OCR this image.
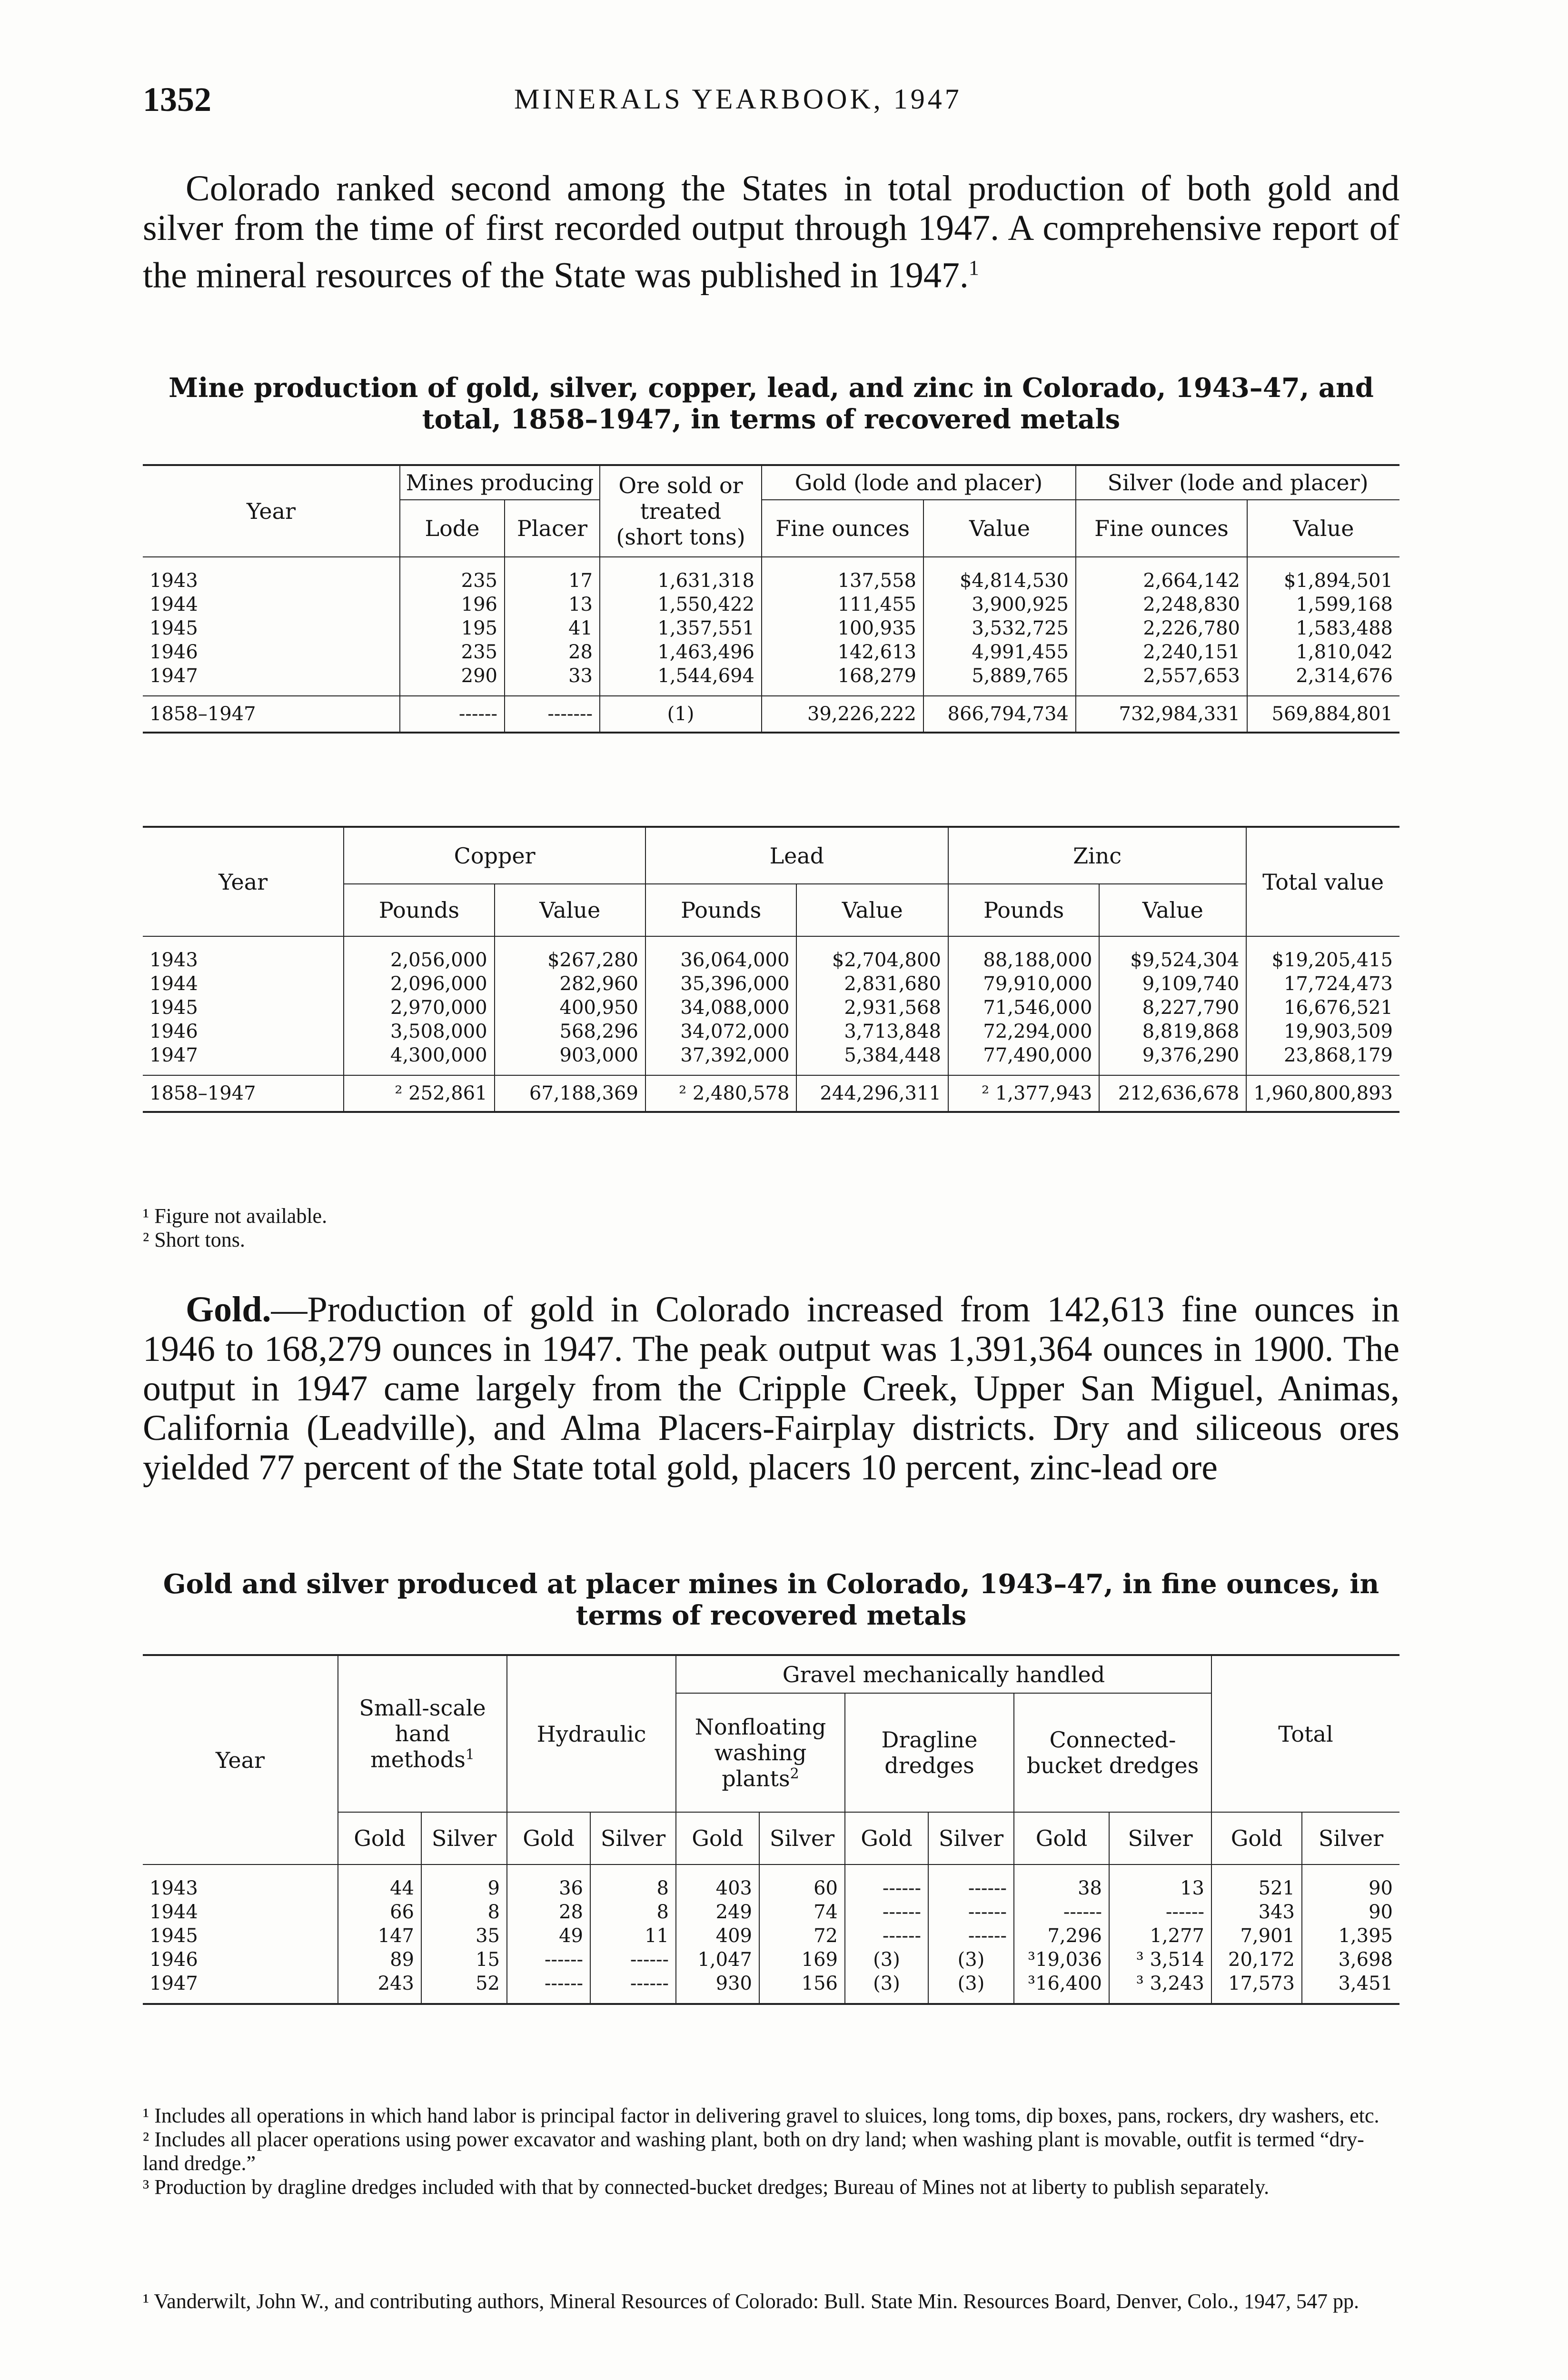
1352	MINERALS YEARBOOK, 1947
Colorado ranked second among the States in total production of both gold and silver from the time of first recorded output through 1947. A comprehensive report of the mineral resources of the State was published in 1947.$^1$
Mine production of gold, silver, copper, lead, and zinc in Colorado, 1943–47, and total, 1858–1947, in terms of recovered metals
Year	Mines producing		Ore sold or treated (short tons)	Gold (lode and placer)		Silver (lode and placer)	
	Lode	Placer		Fine ounces	Value	Fine ounces	Value
1943	235	17	1,631,318	137,558	$4,814,530	2,664,142	$1,894,501
1944	196	13	1,550,422	111,455	3,900,925	2,248,830	1,599,168
1945	195	41	1,357,551	100,935	3,532,725	2,226,780	1,583,488
1946	235	28	1,463,496	142,613	4,991,455	2,240,151	1,810,042
1947	290	33	1,544,694	168,279	5,889,765	2,557,653	2,314,676
1858–1947	------	-------	(1)	39,226,222	866,794,734	732,984,331	569,884,801
Year	Copper		Lead		Zinc		Total value
	Pounds	Value	Pounds	Value	Pounds	Value	
1943	2,056,000	$267,280	36,064,000	$2,704,800	88,188,000	$9,524,304	$19,205,415
1944	2,096,000	282,960	35,396,000	2,831,680	79,910,000	9,109,740	17,724,473
1945	2,970,000	400,950	34,088,000	2,931,568	71,546,000	8,227,790	16,676,521
1946	3,508,000	568,296	34,072,000	3,713,848	72,294,000	8,819,868	19,903,509
1947	4,300,000	903,000	37,392,000	5,384,448	77,490,000	9,376,290	23,868,179
1858–1947	² 252,861	67,188,369	² 2,480,578	244,296,311	² 1,377,943	212,636,678	1,960,800,893

¹ Figure not available.

² Short tons.

Gold.—Production of gold in Colorado increased from 142,613 fine ounces in 1946 to 168,279 ounces in 1947. The peak output was 1,391,364 ounces in 1900. The output in 1947 came largely from the Cripple Creek, Upper San Miguel, Animas, California (Leadville), and Alma Placers-Fairplay districts. Dry and siliceous ores yielded 77 percent of the State total gold, placers 10 percent, zinc-lead ore
Gold and silver produced at placer mines in Colorado, 1943–47, in fine ounces, in terms of recovered metals
Year	Small-scale hand methods$^1$		Hydraulic		Gravel mechanically handled						Total	
					Nonfloating washing plants$^2$		Dragline dredges		Connected-bucket dredges			
	Gold	Silver	Gold	Silver	Gold	Silver	Gold	Silver	Gold	Silver	Gold	Silver
1943	44	9	36	8	403	60	------	------	38	13	521	90
1944	66	8	28	8	249	74	------	------	------	------	343	90
1945	147	35	49	11	409	72	------	------	7,296	1,277	7,901	1,395
1946	89	15	------	------	1,047	169	(3)	(3)	³19,036	³ 3,514	20,172	3,698
1947	243	52	------	------	930	156	(3)	(3)	³16,400	³ 3,243	17,573	3,451

¹ Includes all operations in which hand labor is principal factor in delivering gravel to sluices, long toms, dip boxes, pans, rockers, dry washers, etc.

² Includes all placer operations using power excavator and washing plant, both on dry land; when washing plant is movable, outfit is termed “dry-land dredge.”

³ Production by dragline dredges included with that by connected-bucket dredges; Bureau of Mines not at liberty to publish separately.

¹ Vanderwilt, John W., and contributing authors, Mineral Resources of Colorado: Bull. State Min. Resources Board, Denver, Colo., 1947, 547 pp.
